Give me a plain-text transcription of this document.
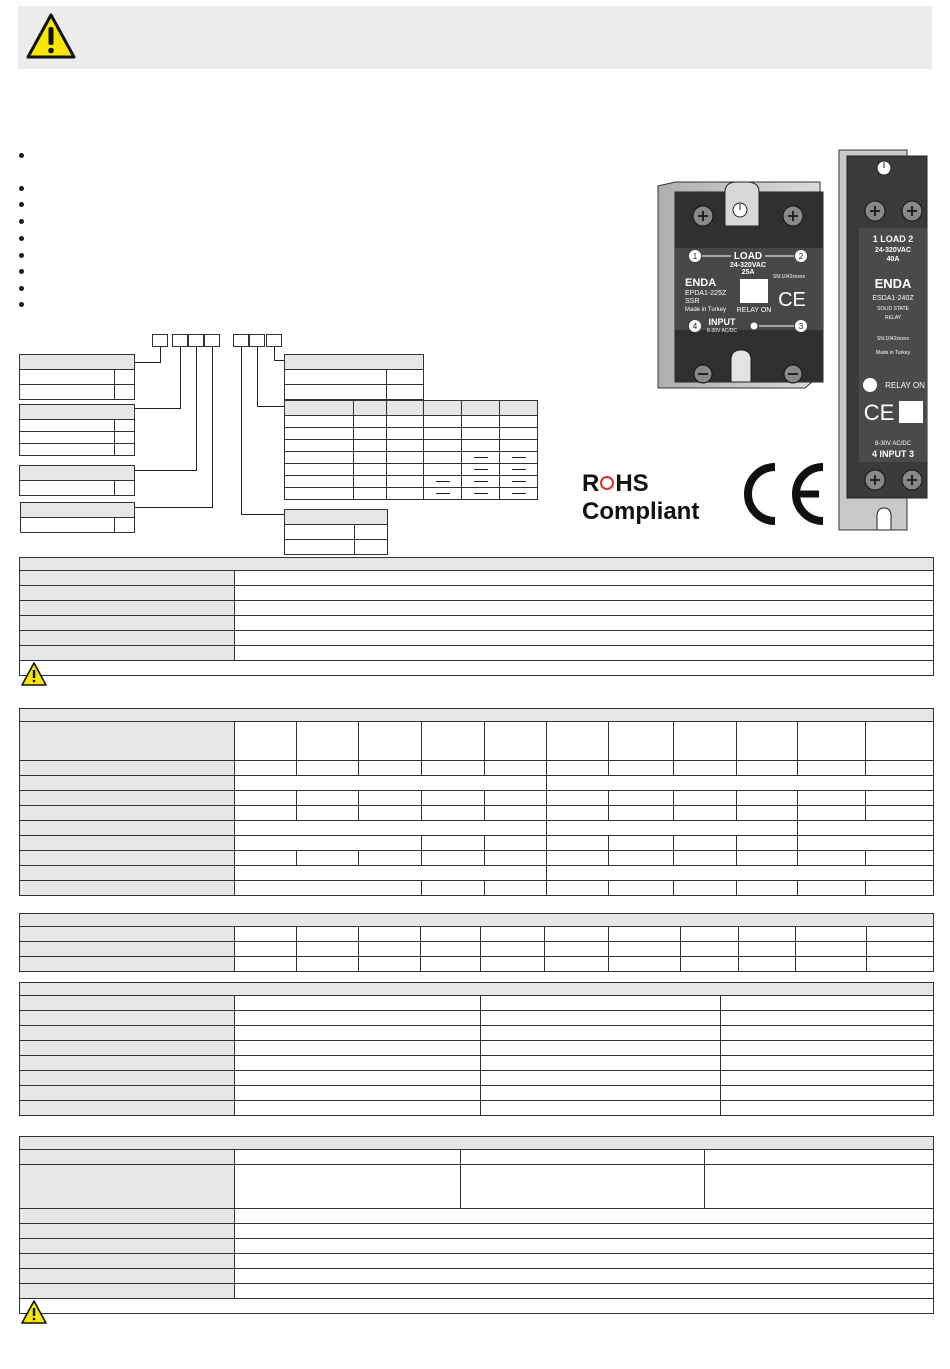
1	2
LOAD
24-320VAC
25A
SN:1042xxxxx
ENDA
EPDA1-225Z
SSR
Made in Turkey	CE
RELAY ON
4	3
INPUT
8-30V AC/DC
1 LOAD 2
24-320VAC
40A
ENDA
ESDA1-240Z
SOLID STATE
RELAY
SN:1042xxxxx
Made in Turkey
RELAY ON
CE
8-30V AC/DC
4 INPUT 3
R HS
Compliant
